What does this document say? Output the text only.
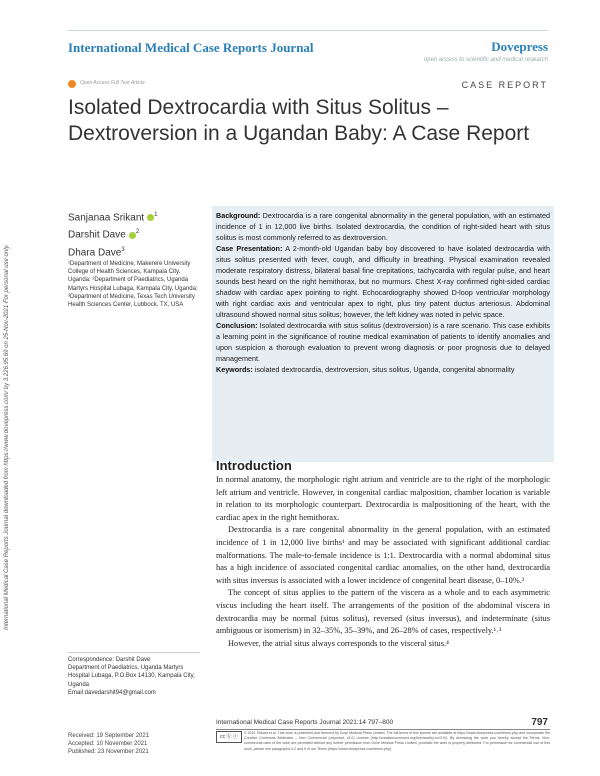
International Medical Case Reports Journal	Dovepress
open access to scientific and medical research
Open Access Full Text Article	CASE REPORT
Isolated Dextrocardia with Situs Solitus – Dextroversion in a Ugandan Baby: A Case Report
International Medical Case Reports Journal downloaded from https://www.dovepress.com/ by 3.226.95.69 on 25-Nov-2021 For personal use only.
Sanjanaa Srikant $^1$
Darshit Dave $^2$
Dhara Dave$^3$

¹Department of Medicine, Makerere University College of Health Sciences, Kampala City, Uganda; ²Department of Paediatrics, Uganda Martyrs Hospital Lubaga, Kampala City, Uganda;

³Department of Medicine, Texas Tech University Health Sciences Center, Lubbock, TX, USA

Background: Dextrocardia is a rare congenital abnormality in the general population, with an estimated incidence of 1 in 12,000 live births. Isolated dextrocardia, the condition of right-sided heart with situs solitus is most commonly referred to as dextroversion.

Case Presentation: A 2-month-old Ugandan baby boy discovered to have isolated dextrocardia with situs solitus presented with fever, cough, and difficulty in breathing. Physical examination revealed moderate respiratory distress, bilateral basal fine crepitations, tachycardia with regular pulse, and heart sounds best heard on the right hemithorax, but no murmurs. Chest X-ray confirmed right-sided cardiac shadow with cardiac apex pointing to right. Echocardiography showed D-loop ventricular morphology with right cardiac axis and ventricular apex to right, plus tiny patent ductus arteriosus. Abdominal ultrasound showed normal situs solitus; however, the left kidney was noted in pelvic space.

Conclusion: Isolated dextrocardia with situs solitus (dextroversion) is a rare scenario. This case exhibits a learning point in the significance of routine medical examination of patients to identify anomalies and upon suspicion a thorough evaluation to prevent wrong diagnosis or poor prognosis due to delayed management.

Keywords: isolated dextrocardia, dextroversion, situs solitus, Uganda, congenital abnormality

Introduction

In normal anatomy, the morphologic right atrium and ventricle are to the right of the morphologic left atrium and ventricle. However, in congenital cardiac malposition, chamber location is variable in relation to its morphologic counterpart. Dextrocardia is malpositioning of the heart, with the cardiac apex in the right hemithorax.

Dextrocardia is a rare congenital abnormality in the general population, with an estimated incidence of 1 in 12,000 live births¹ and may be associated with significant additional cardiac malformations. The male-to-female incidence is 1:1. Dextrocardia with a normal abdominal situs has a high incidence of associated congenital cardiac anomalies, on the other hand, dextrocardia with situs inversus is associated with a lower incidence of congenital heart disease, 0–10%.²

The concept of situs applies to the pattern of the viscera as a whole and to each asymmetric viscus including the heart itself. The arrangements of the position of the abdominal viscera in dextrocardia may be normal (situs solitus), reversed (situs inversus), and indeterminate (situs ambiguous or isomerism) in 32–35%, 35–39%, and 26–28% of cases, respectively.¹˒³

However, the atrial situs always corresponds to the visceral situs.⁴

Correspondence: Darshit Dave
Department of Paediatrics, Uganda Martyrs Hospital Lubaga, P.O.Box 14130, Kampala City, Uganda
Email davedarshit94@gmail.com
Received: 19 September 2021
Accepted: 10 November 2021
Published: 23 November 2021
International Medical Case Reports Journal 2021:14 797–800	797
cc ⓑ ⓢ
© 2021 Srikant et al. This work is published and licensed by Dove Medical Press Limited. The full terms of this license are available at https://www.dovepress.com/terms.php and incorporate the Creative Commons Attribution – Non Commercial (unported, v3.0) License (http://creativecommons.org/licenses/by-nc/3.0/). By accessing the work you hereby accept the Terms. Non-commercial uses of the work are permitted without any further permission from Dove Medical Press Limited, provided the work is properly attributed. For permission for commercial use of this work, please see paragraphs 4.2 and 5 of our Terms (https://www.dovepress.com/terms.php).
